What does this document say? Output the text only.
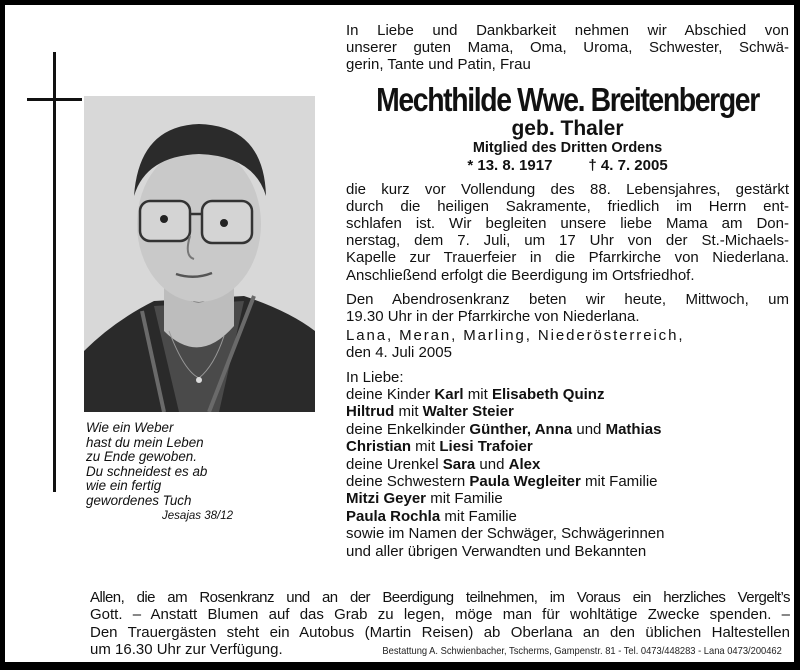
Wie ein Weber
hast du mein Leben
zu Ende gewoben.
Du schneidest es ab
wie ein fertig
gewordenes Tuch
Jesajas 38/12
In Liebe und Dankbarkeit nehmen wir Abschied von
unserer guten Mama, Oma, Uroma, Schwester, Schwä-
gerin, Tante und Patin, Frau
Mechthilde Wwe. Breitenberger
geb. Thaler
Mitglied des Dritten Ordens
* 13. 8. 1917 † 4. 7. 2005
die kurz vor Vollendung des 88. Lebensjahres, gestärkt
durch die heiligen Sakramente, friedlich im Herrn ent-
schlafen ist. Wir begleiten unsere liebe Mama am Don-
nerstag, dem 7. Juli, um 17 Uhr von der St.-Michaels-
Kapelle zur Trauerfeier in die Pfarrkirche von Niederlana.
Anschließend erfolgt die Beerdigung im Ortsfriedhof.
Den Abendrosenkranz beten wir heute, Mittwoch, um
19.30 Uhr in der Pfarrkirche von Niederlana.
Lana, Meran, Marling, Niederösterreich,
den 4. Juli 2005
In Liebe:
deine Kinder Karl mit Elisabeth Quinz
Hiltrud mit Walter Steier
deine Enkelkinder Günther, Anna und Mathias
Christian mit Liesi Trafoier
deine Urenkel Sara und Alex
deine Schwestern Paula Wegleiter mit Familie
Mitzi Geyer mit Familie
Paula Rochla mit Familie
sowie im Namen der Schwäger, Schwägerinnen
und aller übrigen Verwandten und Bekannten
Allen, die am Rosenkranz und an der Beerdigung teilnehmen, im Voraus ein herzliches Vergelt’s
Gott. – Anstatt Blumen auf das Grab zu legen, möge man für wohltätige Zwecke spenden. –
Den Trauergästen steht ein Autobus (Martin Reisen) ab Oberlana an den üblichen Haltestellen
um 16.30 Uhr zur Verfügung.	Bestattung A. Schwienbacher, Tscherms, Gampenstr. 81 - Tel. 0473/448283 - Lana 0473/200462
